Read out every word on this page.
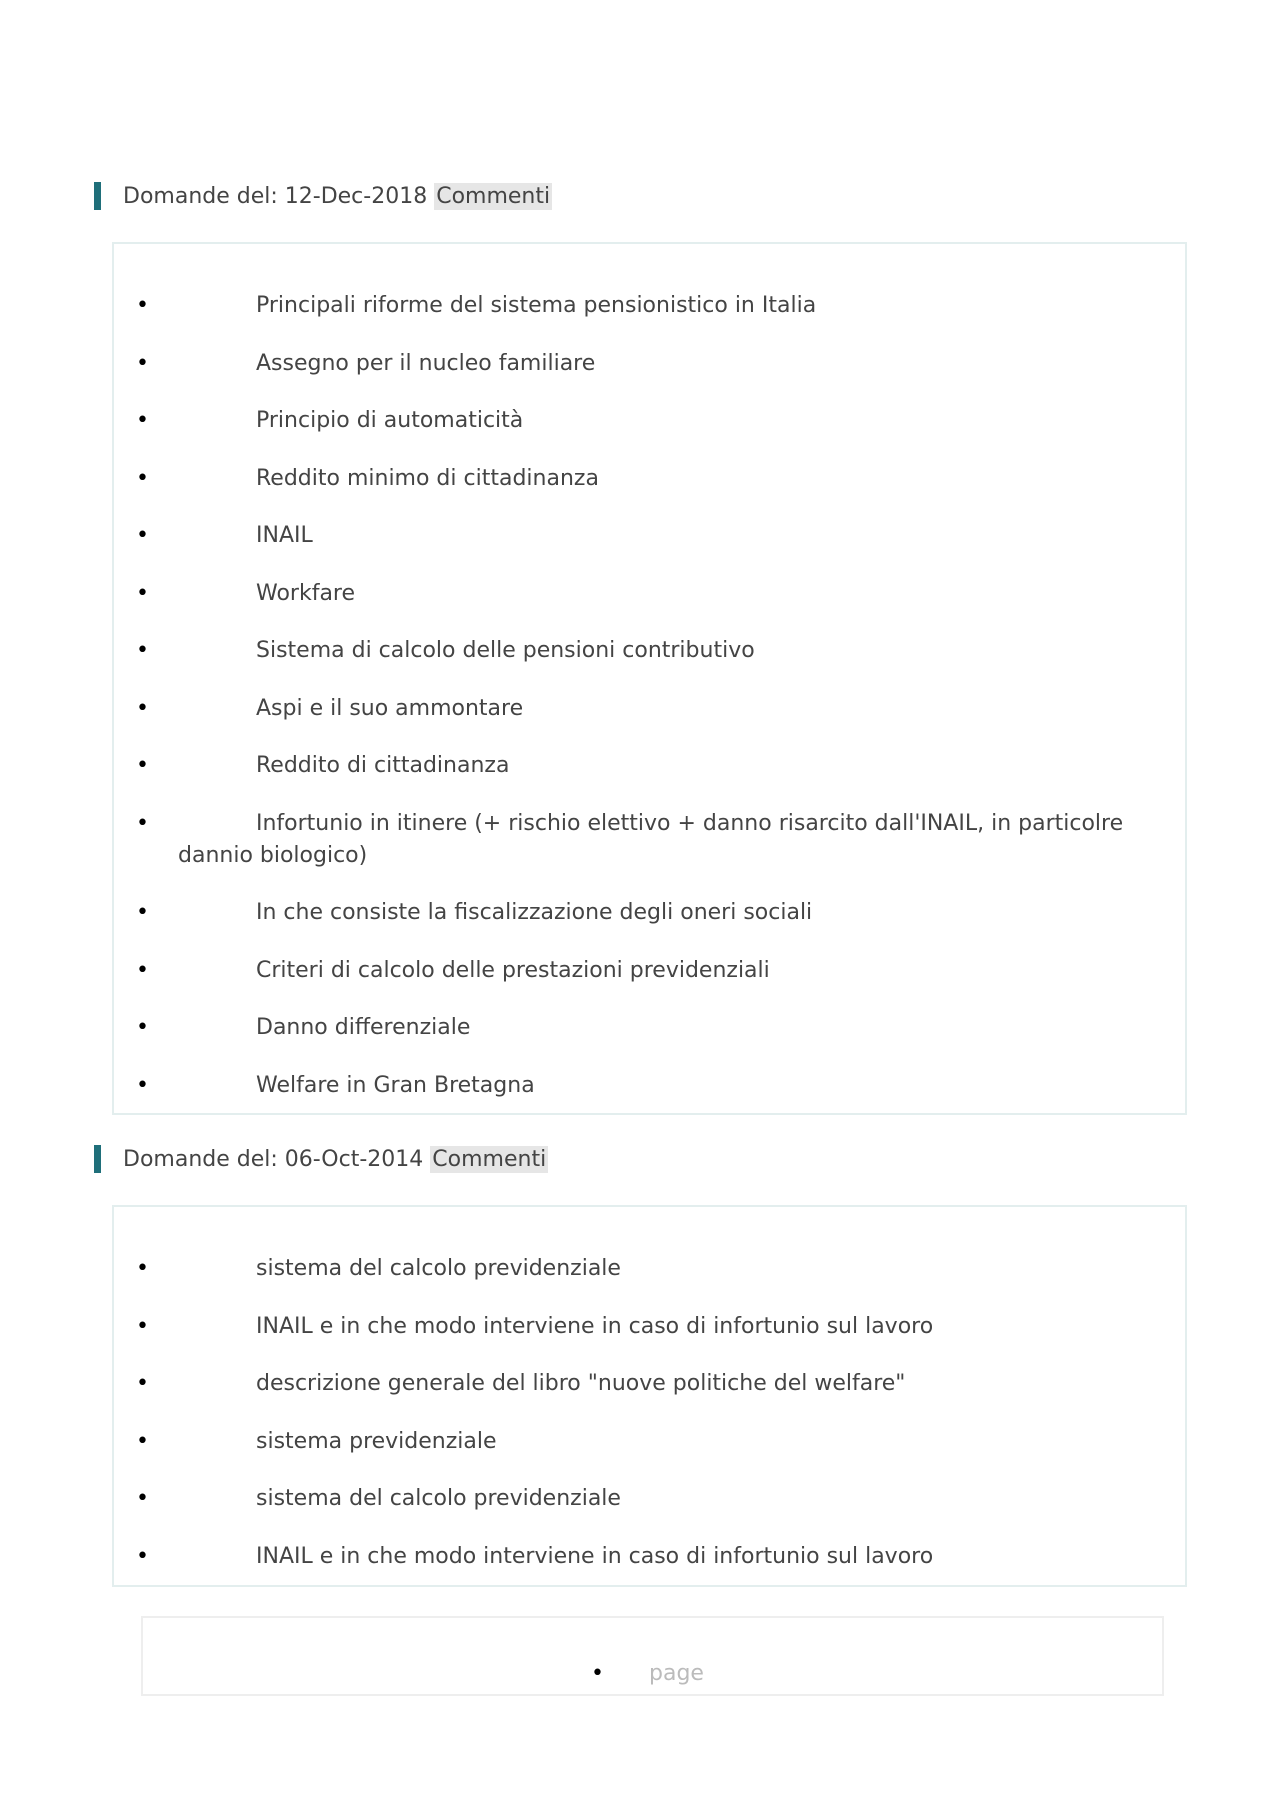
Domande del: 12-Dec-2018 Commenti
•	Principali riforme del sistema pensionistico in Italia
•	Assegno per il nucleo familiare
•	Principio di automaticità
•	Reddito minimo di cittadinanza
•	INAIL
•	Workfare
•	Sistema di calcolo delle pensioni contributivo
•	Aspi e il suo ammontare
•	Reddito di cittadinanza
•	Infortunio in itinere (+ rischio elettivo + danno risarcito dall'INAIL, in particolre dannio biologico)
•	In che consiste la fiscalizzazione degli oneri sociali
•	Criteri di calcolo delle prestazioni previdenziali
•	Danno differenziale
•	Welfare in Gran Bretagna
Domande del: 06-Oct-2014 Commenti
•	sistema del calcolo previdenziale
•	INAIL e in che modo interviene in caso di infortunio sul lavoro
•	descrizione generale del libro "nuove politiche del welfare"
•	sistema previdenziale
•	sistema del calcolo previdenziale
•	INAIL e in che modo interviene in caso di infortunio sul lavoro
•	page
